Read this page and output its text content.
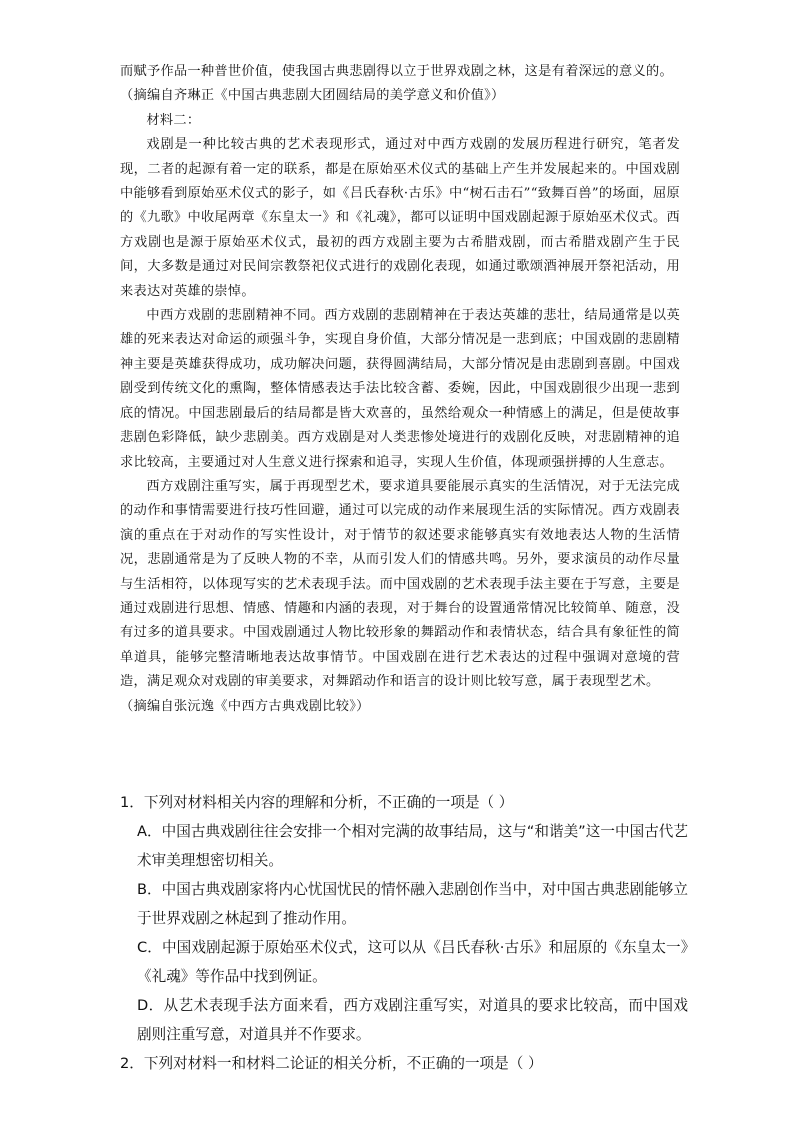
而赋予作品一种普世价值，使我国古典悲剧得以立于世界戏剧之林，这是有着深远的意义的。

（摘编自齐琳正《中国古典悲剧大团圆结局的美学意义和价值》）

材料二：

戏剧是一种比较古典的艺术表现形式，通过对中西方戏剧的发展历程进行研究，笔者发现，二者的起源有着一定的联系，都是在原始巫术仪式的基础上产生并发展起来的。中国戏剧中能够看到原始巫术仪式的影子，如《吕氏春秋·古乐》中“树石击石”“致舞百兽”的场面，屈原的《九歌》中收尾两章《东皇太一》和《礼魂》，都可以证明中国戏剧起源于原始巫术仪式。西方戏剧也是源于原始巫术仪式，最初的西方戏剧主要为古希腊戏剧，而古希腊戏剧产生于民间，大多数是通过对民间宗教祭祀仪式进行的戏剧化表现，如通过歌颂酒神展开祭祀活动，用来表达对英雄的崇悼。

中西方戏剧的悲剧精神不同。西方戏剧的悲剧精神在于表达英雄的悲壮，结局通常是以英雄的死来表达对命运的顽强斗争，实现自身价值，大部分情况是一悲到底；中国戏剧的悲剧精神主要是英雄获得成功，成功解决问题，获得圆满结局，大部分情况是由悲剧到喜剧。中国戏剧受到传统文化的熏陶，整体情感表达手法比较含蓄、委婉，因此，中国戏剧很少出现一悲到底的情况。中国悲剧最后的结局都是皆大欢喜的，虽然给观众一种情感上的满足，但是使故事悲剧色彩降低，缺少悲剧美。西方戏剧是对人类悲惨处境进行的戏剧化反映，对悲剧精神的追求比较高，主要通过对人生意义进行探索和追寻，实现人生价值，体现顽强拼搏的人生意志。

西方戏剧注重写实，属于再现型艺术，要求道具要能展示真实的生活情况，对于无法完成的动作和事情需要进行技巧性回避，通过可以完成的动作来展现生活的实际情况。西方戏剧表演的重点在于对动作的写实性设计，对于情节的叙述要求能够真实有效地表达人物的生活情况，悲剧通常是为了反映人物的不幸，从而引发人们的情感共鸣。另外，要求演员的动作尽量与生活相符，以体现写实的艺术表现手法。而中国戏剧的艺术表现手法主要在于写意，主要是通过戏剧进行思想、情感、情趣和内涵的表现，对于舞台的设置通常情况比较简单、随意，没有过多的道具要求。中国戏剧通过人物比较形象的舞蹈动作和表情状态，结合具有象征性的简单道具，能够完整清晰地表达故事情节。中国戏剧在进行艺术表达的过程中强调对意境的营造，满足观众对戏剧的审美要求，对舞蹈动作和语言的设计则比较写意，属于表现型艺术。

（摘编自张沅逸《中西方古典戏剧比较》）

1．下列对材料相关内容的理解和分析，不正确的一项是（ ）

A．中国古典戏剧往往会安排一个相对完满的故事结局，这与“和谐美”这一中国古代艺术审美理想密切相关。

B．中国古典戏剧家将内心忧国忧民的情怀融入悲剧创作当中，对中国古典悲剧能够立于世界戏剧之林起到了推动作用。

C．中国戏剧起源于原始巫术仪式，这可以从《吕氏春秋·古乐》和屈原的《东皇太一》《礼魂》等作品中找到例证。

D．从艺术表现手法方面来看，西方戏剧注重写实，对道具的要求比较高，而中国戏剧则注重写意，对道具并不作要求。

2．下列对材料一和材料二论证的相关分析，不正确的一项是（ ）
